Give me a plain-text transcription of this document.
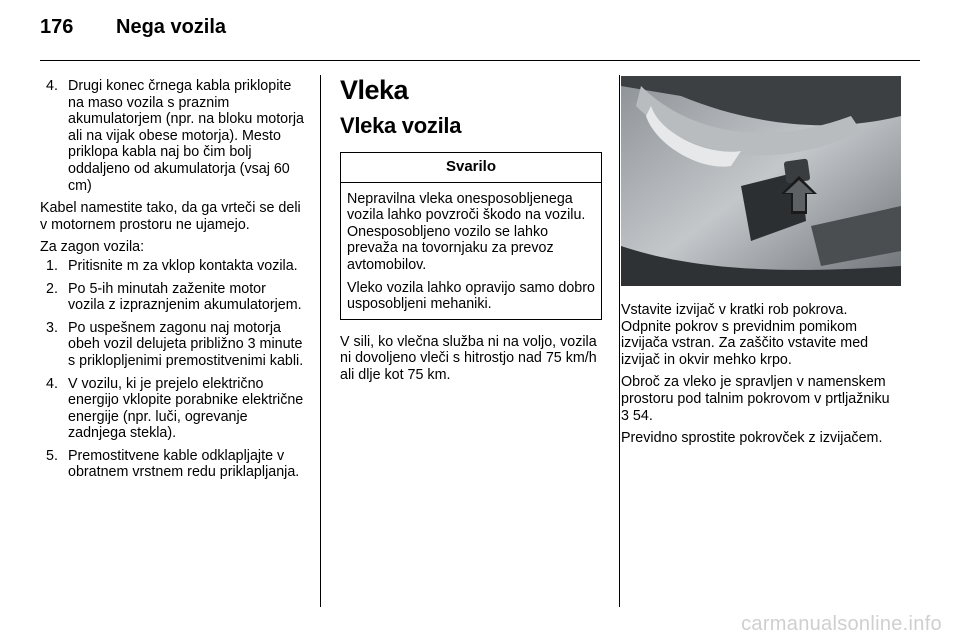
176 Nega vozila
4. Drugi konec črnega kabla priklopite na maso vozila s praznim akumulatorjem (npr. na bloku motorja ali na vijak obese motorja). Mesto priklopa kabla naj bo čim bolj oddaljeno od akumulatorja (vsaj 60 cm)
Kabel namestite tako, da ga vrteči se deli v motornem prostoru ne ujamejo.
Za zagon vozila:
1. Pritisnite m za vklop kontakta vozila.
2. Po 5-ih minutah zaženite motor vozila z izpraznjenim akumulatorjem.
3. Po uspešnem zagonu naj motorja obeh vozil delujeta približno 3 minute s priklopljenimi premostitvenimi kabli.
4. V vozilu, ki je prejelo električno energijo vklopite porabnike električne energije (npr. luči, ogrevanje zadnjega stekla).
5. Premostitvene kable odklapljajte v obratnem vrstnem redu priklapljanja.
Vleka
Vleka vozila
Svarilo
Nepravilna vleka onesposobljenega vozila lahko povzroči škodo na vozilu. Onesposobljeno vozilo se lahko prevaža na tovornjaku za prevoz avtomobilov.
Vleko vozila lahko opravijo samo dobro usposobljeni mehaniki.
V sili, ko vlečna služba ni na voljo, vozila ni dovoljeno vleči s hitrostjo nad 75 km/h ali dlje kot 75 km.
Vstavite izvijač v kratki rob pokrova. Odpnite pokrov s previdnim pomikom izvijača vstran. Za zaščito vstavite med izvijač in okvir mehko krpo.
Obroč za vleko je spravljen v namenskem prostoru pod talnim pokrovom v prtljažniku 3 54.
Previdno sprostite pokrovček z izvijačem.
carmanualsonline.info
